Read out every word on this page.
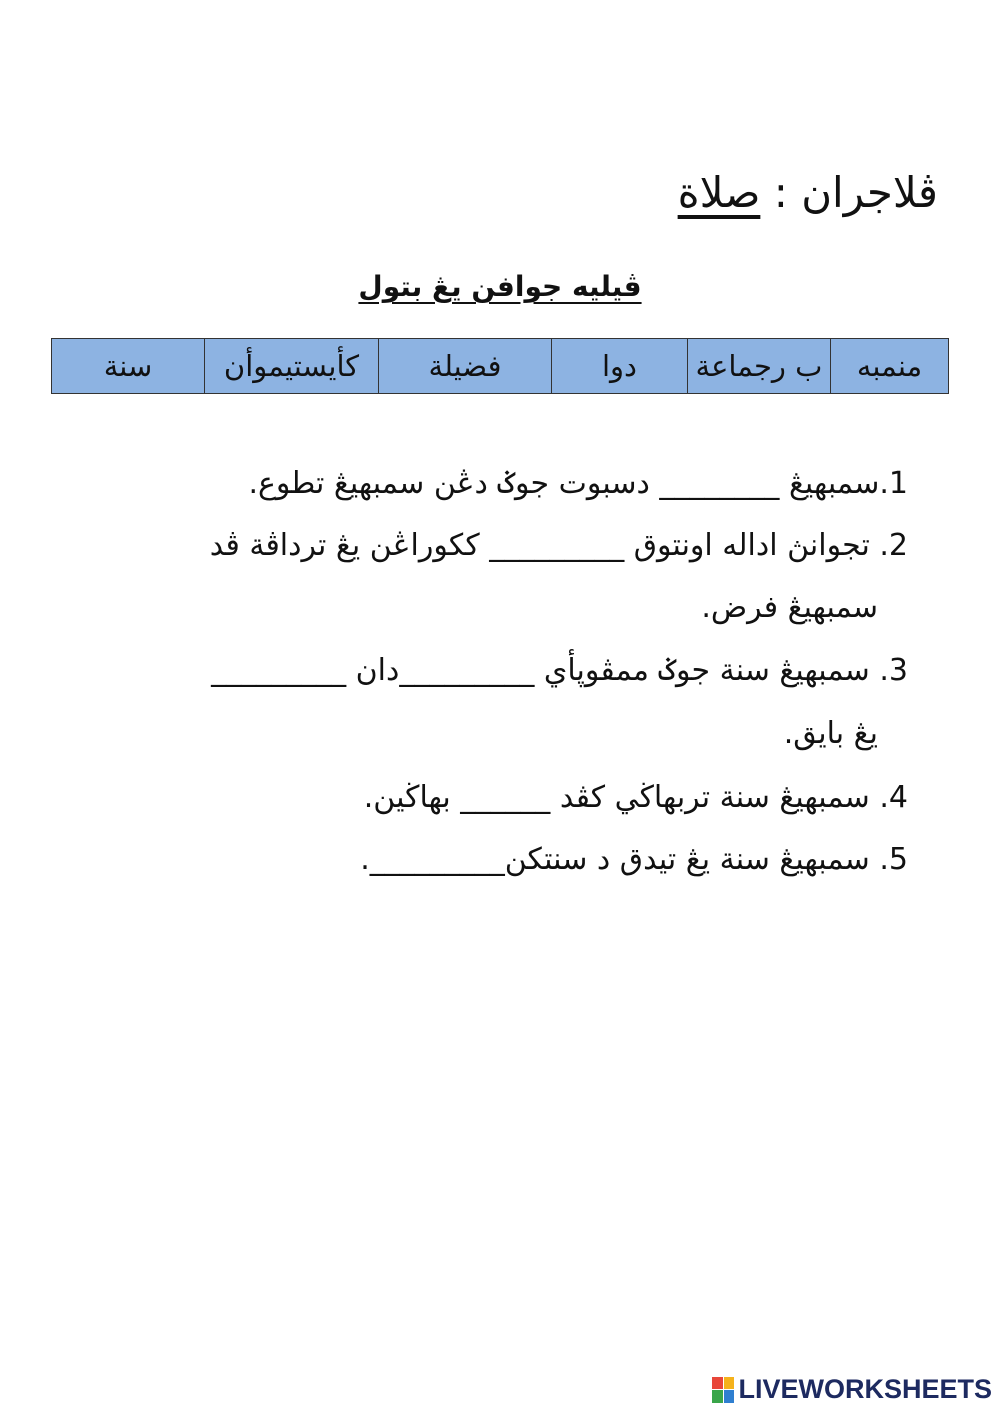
ڤلاجران : صلاة
ڤيليه جوافن يڠ بتول
منمبه	ب رجماعة	دوا	فضيلة	كأيستيموأن	سنة
1.سمبهيڠ ________ دسبوت جوݢ دڠن سمبهيڠ تطوع.
2. تجوانڽ اداله اونتوق _________ ككوراڠن يڠ ترداڤة ڤد
سمبهيڠ فرض.
3. سمبهيڠ سنة جوݢ ممڤوڽأي _________دان _________
يڠ بايق.
4. سمبهيڠ سنة تربهاڬي كڤد ______ بهاڬين.
5. سمبهيڠ سنة يڠ تيدق د سنتكن_________.
LIVEWORKSHEETS
